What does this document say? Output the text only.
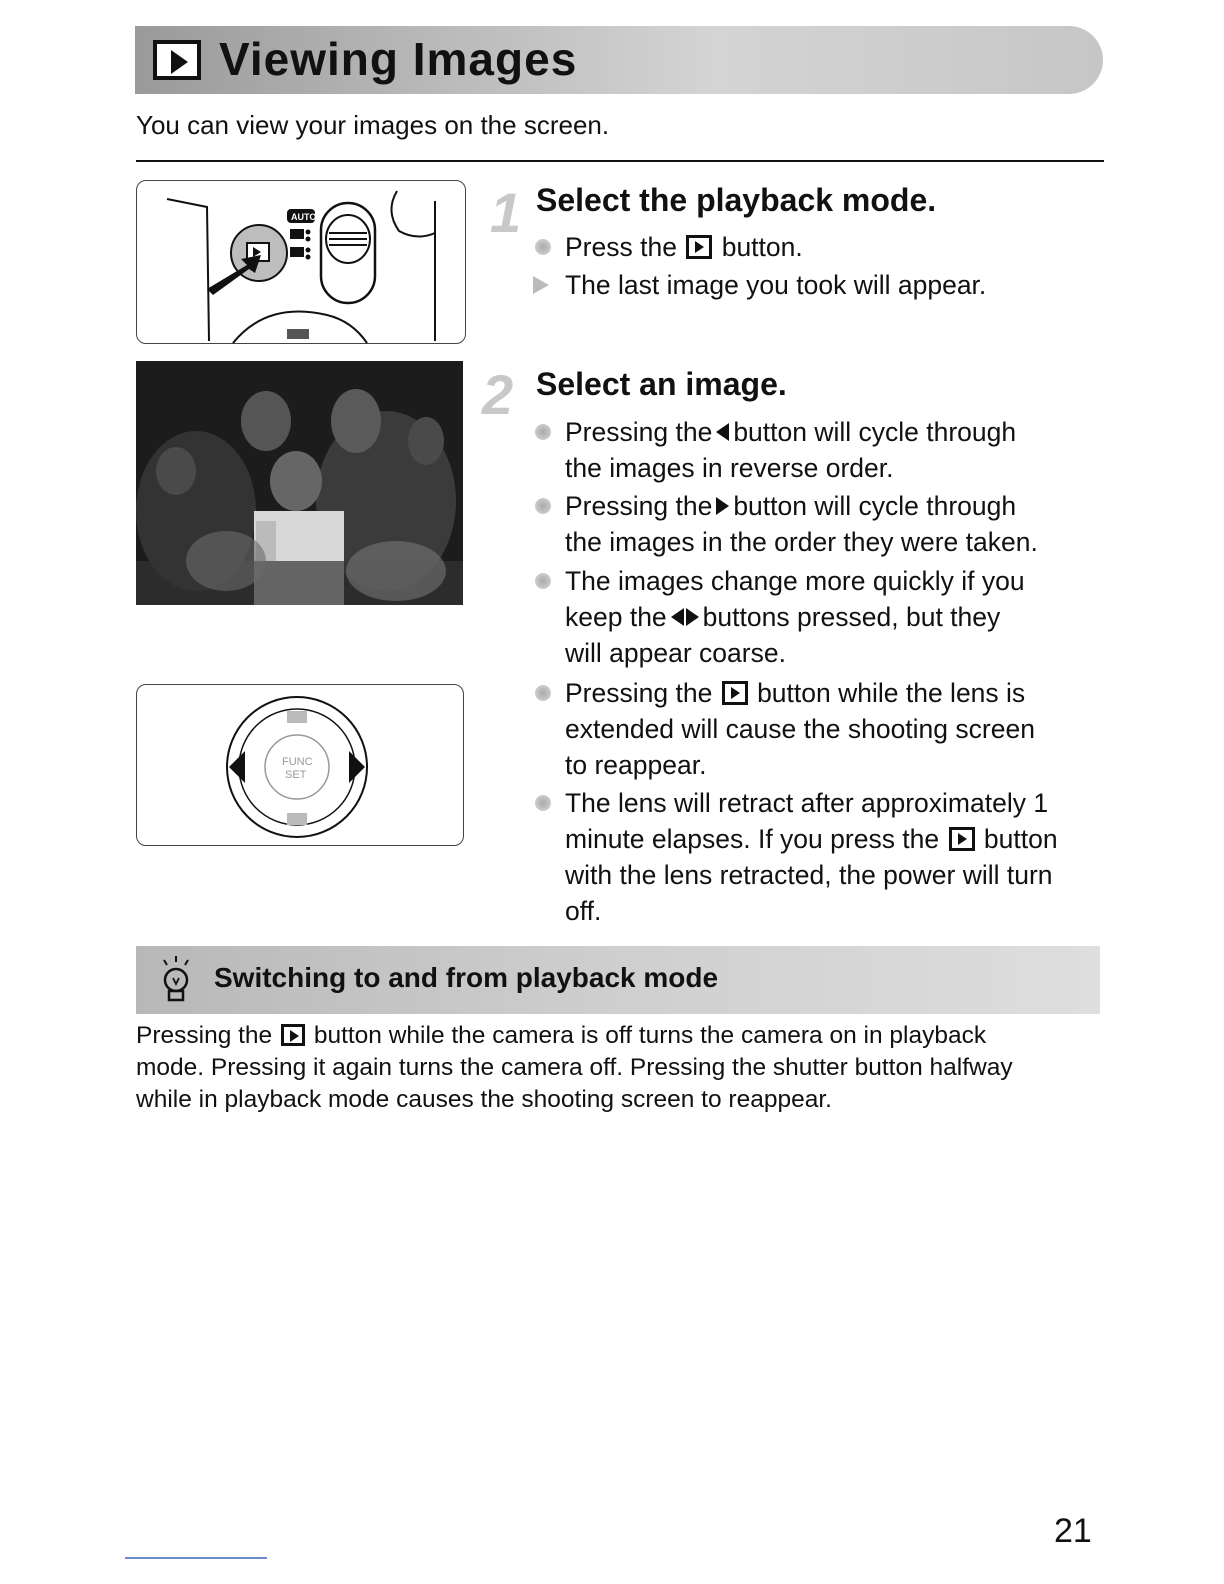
Viewing Images
You can view your images on the screen.
AUTO
FUNC
SET
1 Select the playback mode.
Press the button.
The last image you took will appear.
2 Select an image.
Pressing the button will cycle through
the images in reverse order.
Pressing the button will cycle through
the images in the order they were taken.
The images change more quickly if you
keep the buttons pressed, but they
will appear coarse.
Pressing the button while the lens is
extended will cause the shooting screen
to reappear.
The lens will retract after approximately 1
minute elapses. If you press the button
with the lens retracted, the power will turn
off.
Switching to and from playback mode
Pressing the button while the camera is off turns the camera on in playback
mode. Pressing it again turns the camera off. Pressing the shutter button halfway
while in playback mode causes the shooting screen to reappear.
21
